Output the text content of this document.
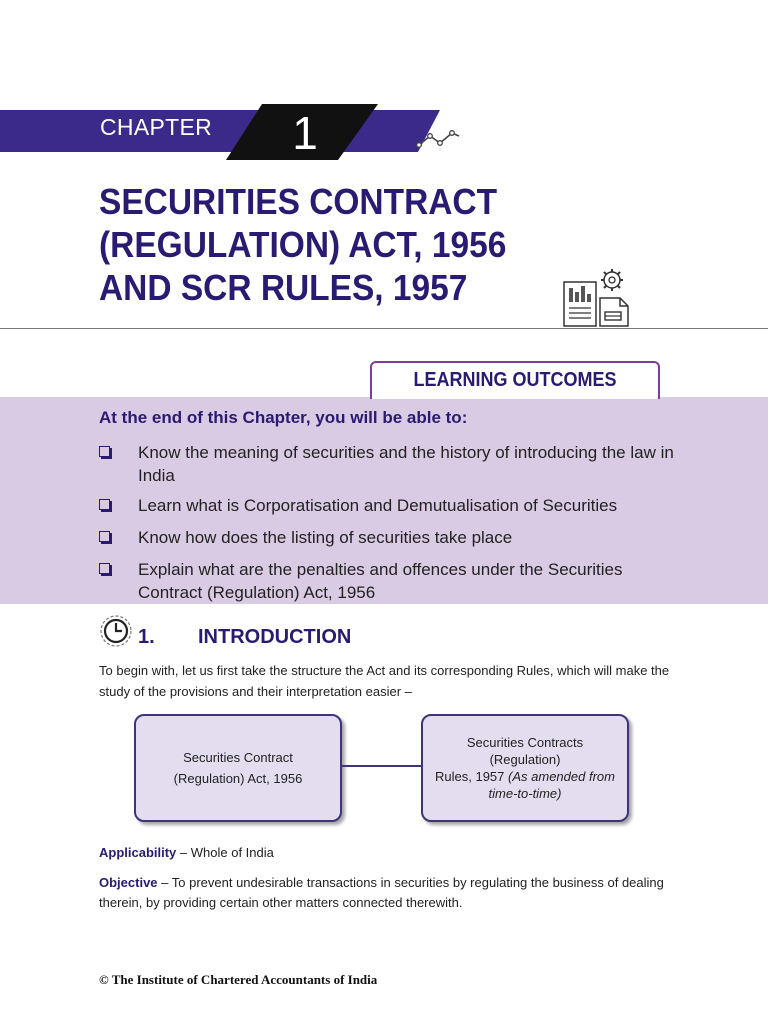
CHAPTER 1
SECURITIES CONTRACT
(REGULATION) ACT, 1956
AND SCR RULES, 1957
LEARNING OUTCOMES
At the end of this Chapter, you will be able to:
Know the meaning of securities and the history of introducing the law in India
Learn what is Corporatisation and Demutualisation of Securities
Know how does the listing of securities take place
Explain what are the penalties and offences under the Securities Contract (Regulation) Act, 1956
1. INTRODUCTION
To begin with, let us first take the structure the Act and its corresponding Rules, which will make the study of the provisions and their interpretation easier –
Securities Contract
(Regulation) Act, 1956
Securities Contracts (Regulation)
Rules, 1957 (As amended from time-to-time)
Applicability – Whole of India
Objective – To prevent undesirable transactions in securities by regulating the business of dealing therein, by providing certain other matters connected therewith.
© The Institute of Chartered Accountants of India
